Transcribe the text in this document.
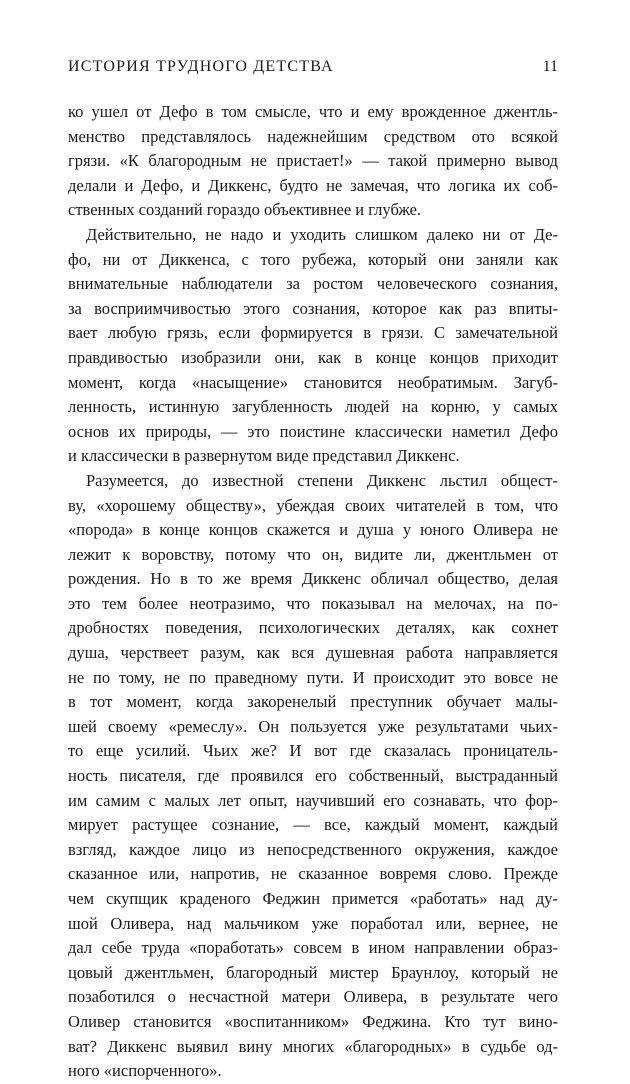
ИСТОРИЯ ТРУДНОГО ДЕТСТВА	11

ко ушел от Дефо в том смысле, что и ему врожденное джентль-
менство представлялось надежнейшим средством ото всякой
грязи. «К благородным не пристает!» — такой примерно вывод
делали и Дефо, и Диккенс, будто не замечая, что логика их соб-
ственных созданий гораздо объективнее и глубже.

Действительно, не надо и уходить слишком далеко ни от Де-
фо, ни от Диккенса, с того рубежа, который они заняли как
внимательные наблюдатели за ростом человеческого сознания,
за восприимчивостью этого сознания, которое как раз впиты-
вает любую грязь, если формируется в грязи. С замечательной
правдивостью изобразили они, как в конце концов приходит
момент, когда «насыщение» становится необратимым. Загуб-
ленность, истинную загубленность людей на корню, у самых
основ их природы, — это поистине классически наметил Дефо
и классически в развернутом виде представил Диккенс.

Разумеется, до известной степени Диккенс льстил общест-
ву, «хорошему обществу», убеждая своих читателей в том, что
«порода» в конце концов скажется и душа у юного Оливера не
лежит к воровству, потому что он, видите ли, джентльмен от
рождения. Но в то же время Диккенс обличал общество, делая
это тем более неотразимо, что показывал на мелочах, на по-
дробностях поведения, психологических деталях, как сохнет
душа, черствеет разум, как вся душевная работа направляется
не по тому, не по праведному пути. И происходит это вовсе не
в тот момент, когда закоренелый преступник обучает малы-
шей своему «ремеслу». Он пользуется уже результатами чьих-
то еще усилий. Чьих же? И вот где сказалась проницатель-
ность писателя, где проявился его собственный, выстраданный
им самим с малых лет опыт, научивший его сознавать, что фор-
мирует растущее сознание, — все, каждый момент, каждый
взгляд, каждое лицо из непосредственного окружения, каждое
сказанное или, напротив, не сказанное вовремя слово. Прежде
чем скупщик краденого Феджин примется «работать» над ду-
шой Оливера, над мальчиком уже поработал или, вернее, не
дал себе труда «поработать» совсем в ином направлении образ-
цовый джентльмен, благородный мистер Браунлоу, который не
позаботился о несчастной матери Оливера, в результате чего
Оливер становится «воспитанником» Феджина. Кто тут вино-
ват? Диккенс выявил вину многих «благородных» в судьбе од-
ного «испорченного».
